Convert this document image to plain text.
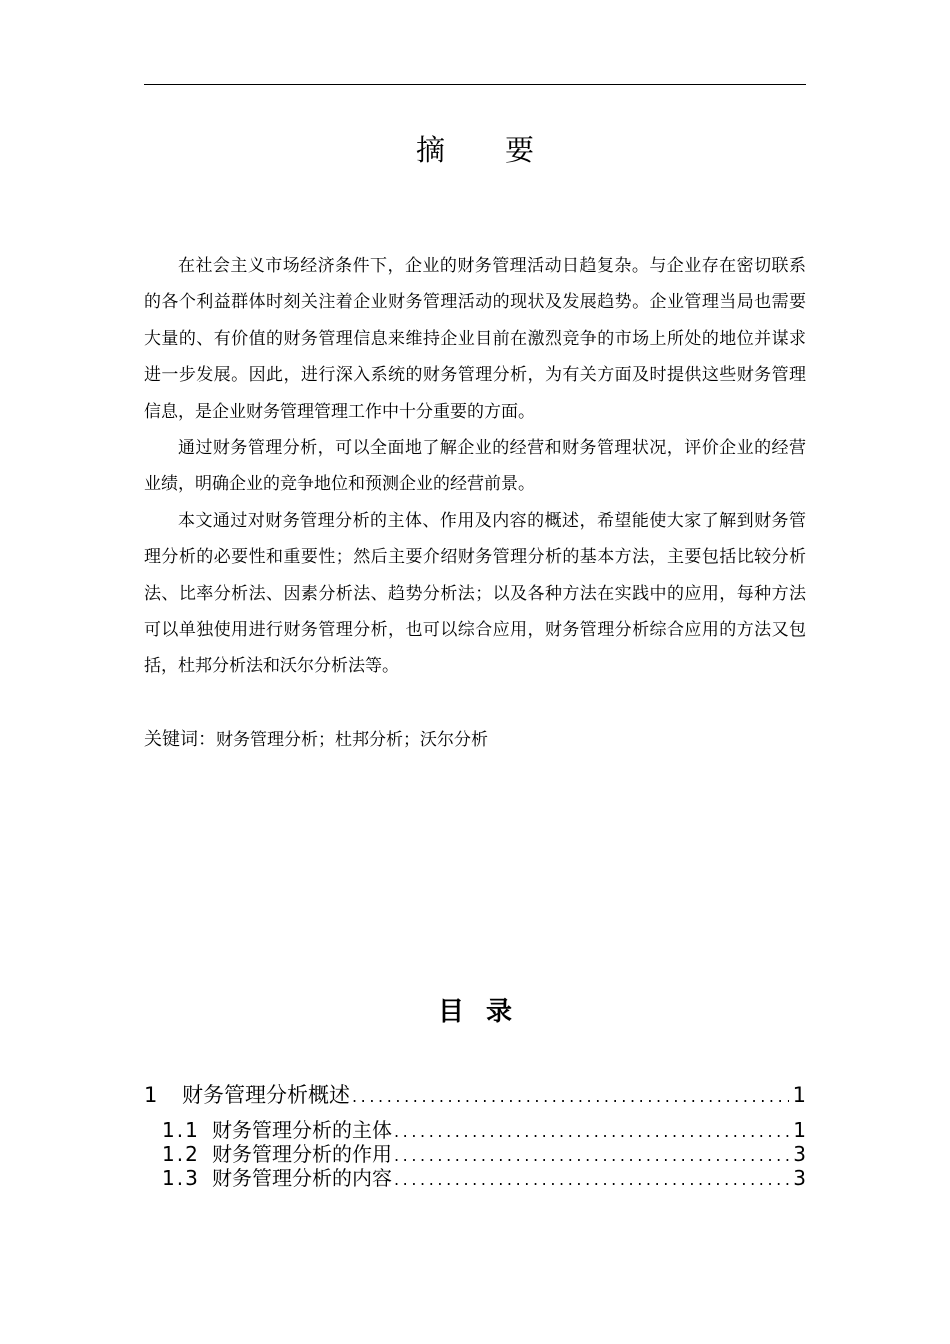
摘要

在社会主义市场经济条件下，企业的财务管理活动日趋复杂。与企业存在密切联系的各个利益群体时刻关注着企业财务管理活动的现状及发展趋势。企业管理当局也需要大量的、有价值的财务管理信息来维持企业目前在激烈竞争的市场上所处的地位并谋求进一步发展。因此，进行深入系统的财务管理分析，为有关方面及时提供这些财务管理信息，是企业财务管理管理工作中十分重要的方面。

通过财务管理分析，可以全面地了解企业的经营和财务管理状况，评价企业的经营业绩，明确企业的竞争地位和预测企业的经营前景。

本文通过对财务管理分析的主体、作用及内容的概述，希望能使大家了解到财务管理分析的必要性和重要性；然后主要介绍财务管理分析的基本方法，主要包括比较分析法、比率分析法、因素分析法、趋势分析法；以及各种方法在实践中的应用，每种方法可以单独使用进行财务管理分析，也可以综合应用，财务管理分析综合应用的方法又包括，杜邦分析法和沃尔分析法等。

关键词：财务管理分析；杜邦分析；沃尔分析
目录
1	财务管理分析概述 .....	1
1.1 财务管理分析的主体 .....	1
1.2 财务管理分析的作用 .....	3
1.3 财务管理分析的内容 .....	3
